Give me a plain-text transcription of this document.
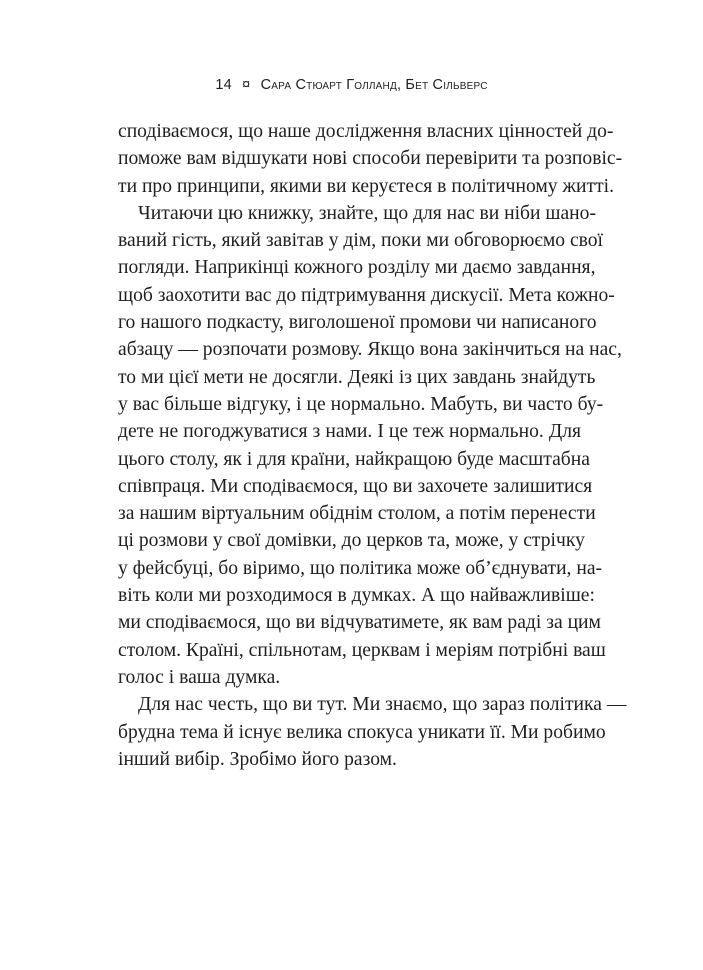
14 ¤ Сара Стюарт Голланд, Бет Сільверс
сподіваємося, що наше дослідження власних цінностей до-
поможе вам відшукати нові способи перевірити та розповіс-
ти про принципи, якими ви керуєтеся в політичному житті.
Читаючи цю книжку, знайте, що для нас ви ніби шано-
ваний гість, який завітав у дім, поки ми обговорюємо свої
погляди. Наприкінці кожного розділу ми даємо завдання,
щоб заохотити вас до підтримування дискусії. Мета кожно-
го нашого подкасту, виголошеної промови чи написаного
абзацу — розпочати розмову. Якщо вона закінчиться на нас,
то ми цієї мети не досягли. Деякі із цих завдань знайдуть
у вас більше відгуку, і це нормально. Мабуть, ви часто бу-
дете не погоджуватися з нами. І це теж нормально. Для
цього столу, як і для країни, найкращою буде масштабна
співпраця. Ми сподіваємося, що ви захочете залишитися
за нашим віртуальним обіднім столом, а потім перенести
ці розмови у свої домівки, до церков та, може, у стрічку
у фейсбуці, бо віримо, що політика може об’єднувати, на-
віть коли ми розходимося в думках. А що найважливіше:
ми сподіваємося, що ви відчуватимете, як вам раді за цим
столом. Країні, спільнотам, церквам і меріям потрібні ваш
голос і ваша думка.
Для нас честь, що ви тут. Ми знаємо, що зараз політика —
брудна тема й існує велика спокуса уникати її. Ми робимо
інший вибір. Зробімо його разом.
